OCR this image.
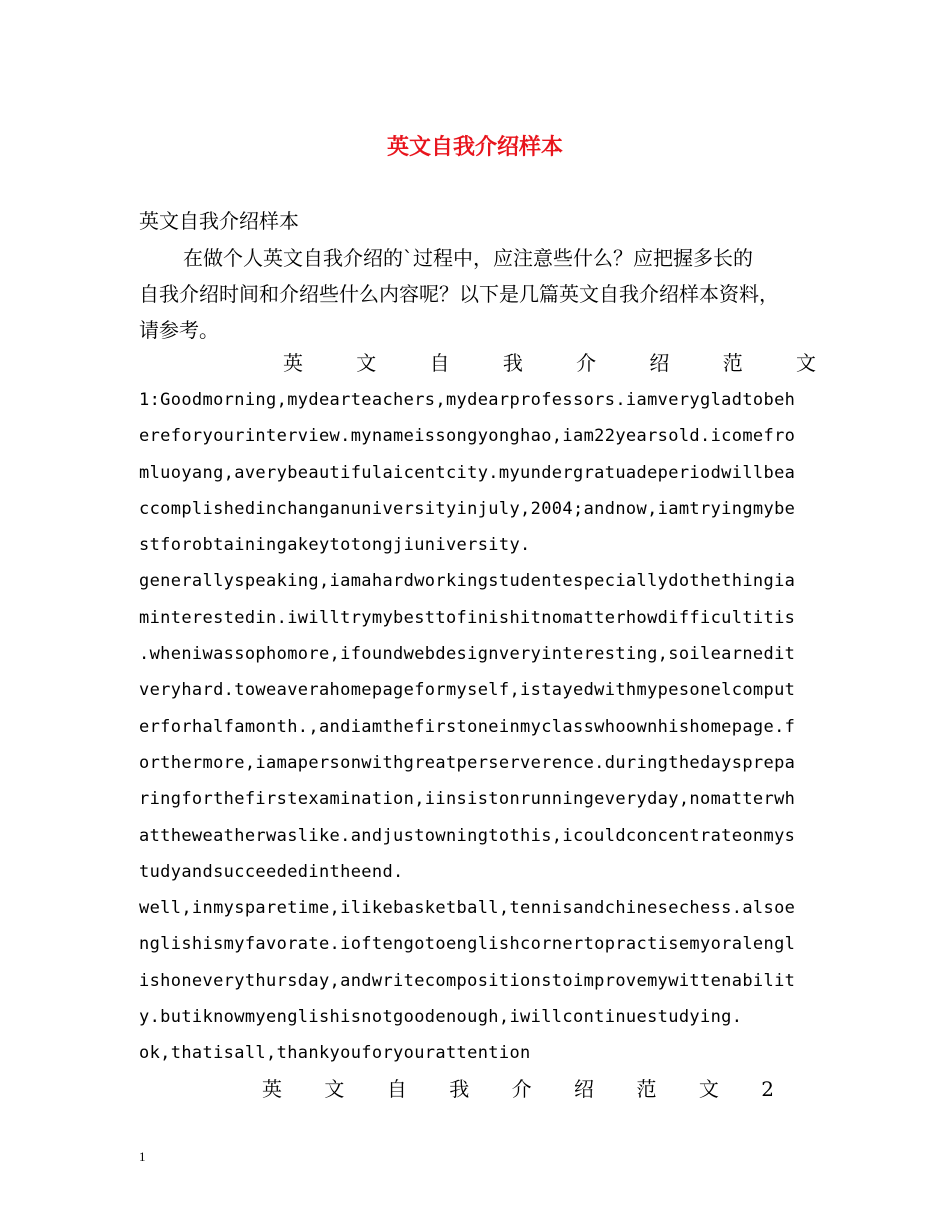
英文自我介绍样本
英文自我介绍样本
在做个人英文自我介绍的`过程中，应注意些什么？应把握多长的
自我介绍时间和介绍些什么内容呢？以下是几篇英文自我介绍样本资料，
请参考。
英	文	自	我	介	绍	范	文
1:Goodmorning,mydearteachers,mydearprofessors.iamverygladtobeh
ereforyourinterview.mynameissongyonghao,iam22yearsold.icomefro
mluoyang,averybeautifulaicentcity.myundergratuadeperiodwillbea
ccomplishedinchanganuniversityinjuly,2004;andnow,iamtryingmybe
stforobtainingakeytotongjiuniversity.
generallyspeaking,iamahardworkingstudentespeciallydothethingia
minterestedin.iwilltrymybesttofinishitnomatterhowdifficultitis
.wheniwassophomore,ifoundwebdesignveryinteresting,soilearnedit
veryhard.toweaverahomepageformyself,istayedwithmypesonelcomput
erforhalfamonth.,andiamthefirstoneinmyclasswhoownhishomepage.f
orthermore,iamapersonwithgreatperserverence.duringthedaysprepa
ringforthefirstexamination,iinsistonrunningeveryday,nomatterwh
attheweatherwaslike.andjustowningtothis,icouldconcentrateonmys
tudyandsucceededintheend.
well,inmysparetime,ilikebasketball,tennisandchinesechess.alsoe
nglishismyfavorate.ioftengotoenglishcornertopractisemyoralengl
ishoneverythursday,andwritecompositionstoimprovemywittenabilit
y.butiknowmyenglishisnotgoodenough,iwillcontinuestudying.
ok,thatisall,thankyouforyourattention
英 文 自 我 介 绍 范 文 2
1
